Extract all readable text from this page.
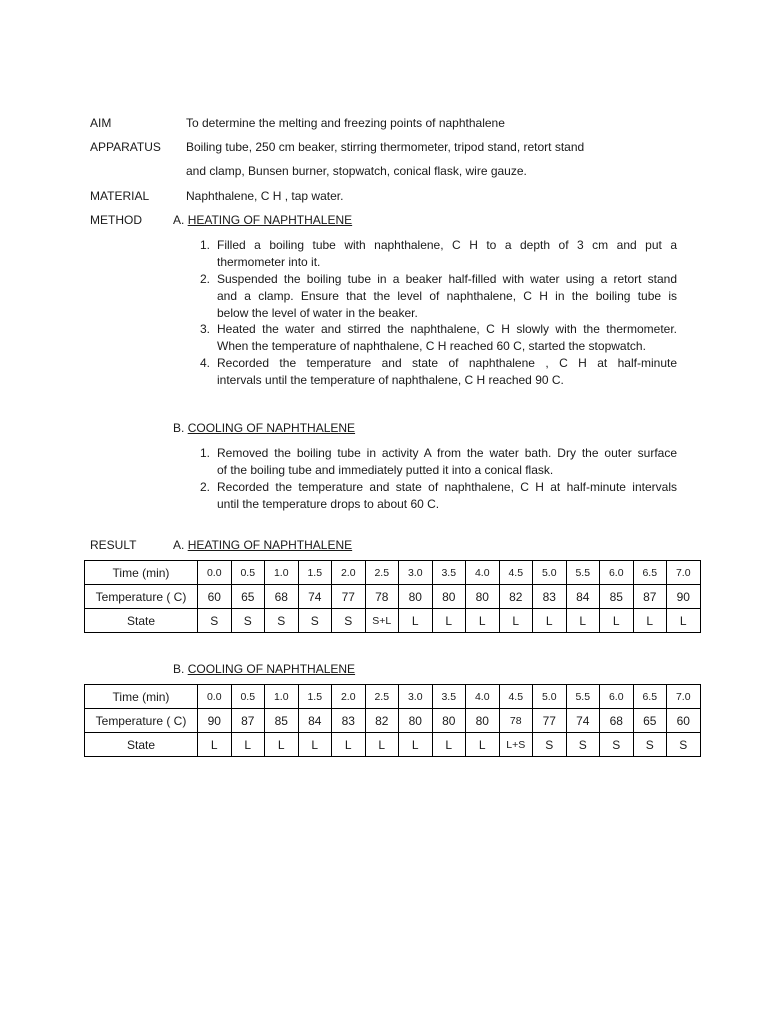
AIM	To determine the melting and freezing points of naphthalene
APPARATUS Boiling tube, 250 cm beaker, stirring thermometer, tripod stand, retort stand
and clamp, Bunsen burner, stopwatch, conical flask, wire gauze.
MATERIAL	Naphthalene, C H , tap water.
METHOD	A. HEATING OF NAPHTHALENE
1. Filled a boiling tube with naphthalene, C H to a depth of 3 cm and put a
thermometer into it.
2. Suspended the boiling tube in a beaker half-filled with water using a retort stand
and a clamp. Ensure that the level of naphthalene, C H in the boiling tube is
below the level of water in the beaker.
3. Heated the water and stirred the naphthalene, C H slowly with the thermometer.
When the temperature of naphthalene, C H reached 60 C, started the stopwatch.
4. Recorded the temperature and state of naphthalene , C H at half-minute
intervals until the temperature of naphthalene, C H reached 90 C.
B. COOLING OF NAPHTHALENE
1. Removed the boiling tube in activity A from the water bath. Dry the outer surface
of the boiling tube and immediately putted it into a conical flask.
2. Recorded the temperature and state of naphthalene, C H at half-minute intervals
until the temperature drops to about 60 C.
RESULT	A. HEATING OF NAPHTHALENE
Time (min)	0.0	0.5	1.0	1.5	2.0	2.5	3.0	3.5	4.0	4.5	5.0	5.5	6.0	6.5	7.0
Temperature ( C)	60	65	68	74	77	78	80	80	80	82	83	84	85	87	90
State	S	S	S	S	S	S+L	L	L	L	L	L	L	L	L	L
B. COOLING OF NAPHTHALENE
Time (min)	0.0	0.5	1.0	1.5	2.0	2.5	3.0	3.5	4.0	4.5	5.0	5.5	6.0	6.5	7.0
Temperature ( C)	90	87	85	84	83	82	80	80	80	78	77	74	68	65	60
State	L	L	L	L	L	L	L	L	L	L+S	S	S	S	S	S
